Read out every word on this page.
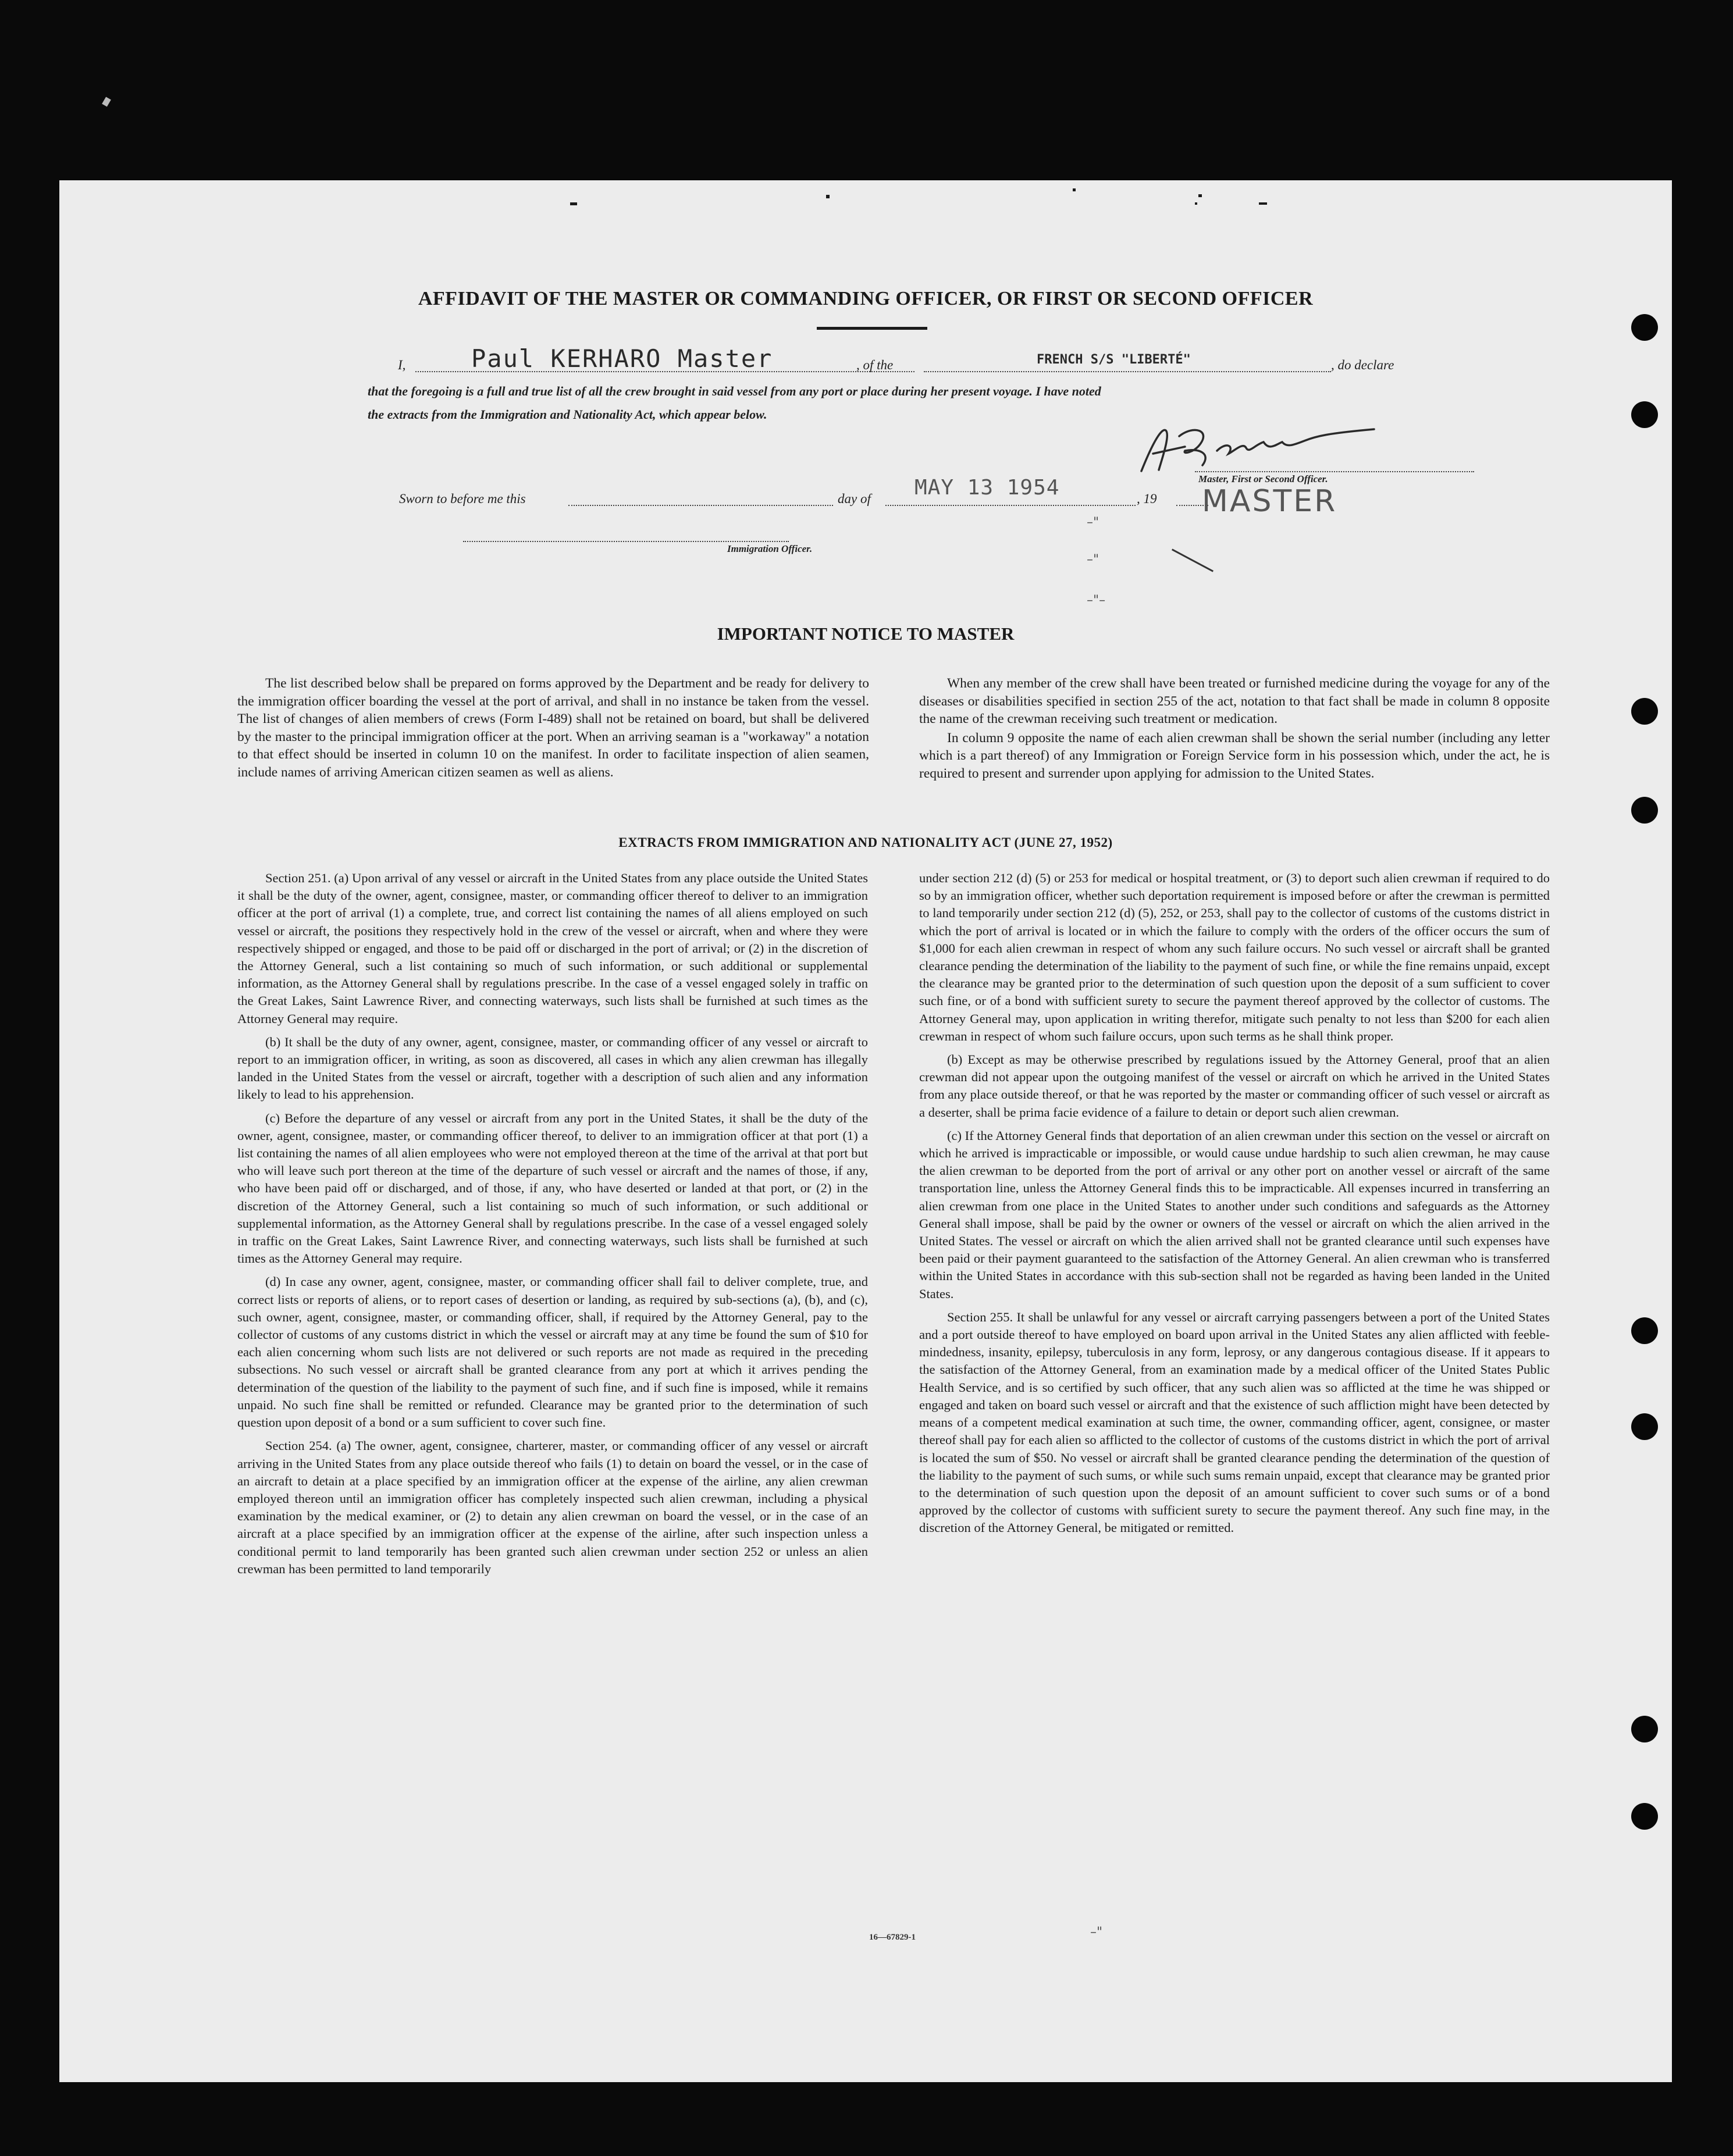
AFFIDAVIT OF THE MASTER OR COMMANDING OFFICER, OR FIRST OR SECOND OFFICER
I,	Paul KERHARO Master	, of the	FRENCH S/S "LIBERTÉ"	, do declare
that the foregoing is a full and true list of all the crew brought in said vessel from any port or place during her present voyage. I have noted
the extracts from the Immigration and Nationality Act, which appear below.
Master, First or Second Officer.
Sworn to before me this	day of MAY 13 1954	, 19 MASTER
Immigration Officer.
–"
–"
–"–
IMPORTANT NOTICE TO MASTER

The list described below shall be prepared on forms approved by the Department and be ready for delivery to the immigration officer boarding the vessel at the port of arrival, and shall in no instance be taken from the vessel. The list of changes of alien members of crews (Form I-489) shall not be retained on board, but shall be delivered by the master to the principal immigration officer at the port. When an arriving seaman is a "workaway" a notation to that effect should be inserted in column 10 on the manifest. In order to facilitate inspection of alien seamen, include names of arriving American citizen seamen as well as aliens.

When any member of the crew shall have been treated or furnished medicine during the voyage for any of the diseases or disabilities specified in section 255 of the act, notation to that fact shall be made in column 8 opposite the name of the crewman receiving such treatment or medication.

In column 9 opposite the name of each alien crewman shall be shown the serial number (including any letter which is a part thereof) of any Immigration or Foreign Service form in his possession which, under the act, he is required to present and surrender upon applying for admission to the United States.

EXTRACTS FROM IMMIGRATION AND NATIONALITY ACT (JUNE 27, 1952)

Section 251. (a) Upon arrival of any vessel or aircraft in the United States from any place outside the United States it shall be the duty of the owner, agent, consignee, master, or commanding officer thereof to deliver to an immigration officer at the port of arrival (1) a complete, true, and correct list containing the names of all aliens employed on such vessel or aircraft, the positions they respectively hold in the crew of the vessel or aircraft, when and where they were respectively shipped or engaged, and those to be paid off or discharged in the port of arrival; or (2) in the discretion of the Attorney General, such a list containing so much of such information, or such additional or supplemental information, as the Attorney General shall by regulations prescribe. In the case of a vessel engaged solely in traffic on the Great Lakes, Saint Lawrence River, and connecting waterways, such lists shall be furnished at such times as the Attorney General may require.

(b) It shall be the duty of any owner, agent, consignee, master, or commanding officer of any vessel or aircraft to report to an immigration officer, in writing, as soon as discovered, all cases in which any alien crewman has illegally landed in the United States from the vessel or aircraft, together with a description of such alien and any information likely to lead to his apprehension.

(c) Before the departure of any vessel or aircraft from any port in the United States, it shall be the duty of the owner, agent, consignee, master, or commanding officer thereof, to deliver to an immigration officer at that port (1) a list containing the names of all alien employees who were not employed thereon at the time of the arrival at that port but who will leave such port thereon at the time of the departure of such vessel or aircraft and the names of those, if any, who have been paid off or discharged, and of those, if any, who have deserted or landed at that port, or (2) in the discretion of the Attorney General, such a list containing so much of such information, or such additional or supplemental information, as the Attorney General shall by regulations prescribe. In the case of a vessel engaged solely in traffic on the Great Lakes, Saint Lawrence River, and connecting waterways, such lists shall be furnished at such times as the Attorney General may require.

(d) In case any owner, agent, consignee, master, or commanding officer shall fail to deliver complete, true, and correct lists or reports of aliens, or to report cases of desertion or landing, as required by sub-sections (a), (b), and (c), such owner, agent, consignee, master, or commanding officer, shall, if required by the Attorney General, pay to the collector of customs of any customs district in which the vessel or aircraft may at any time be found the sum of $10 for each alien concerning whom such lists are not delivered or such reports are not made as required in the preceding subsections. No such vessel or aircraft shall be granted clearance from any port at which it arrives pending the determination of the question of the liability to the payment of such fine, and if such fine is imposed, while it remains unpaid. No such fine shall be remitted or refunded. Clearance may be granted prior to the determination of such question upon deposit of a bond or a sum sufficient to cover such fine.

Section 254. (a) The owner, agent, consignee, charterer, master, or commanding officer of any vessel or aircraft arriving in the United States from any place outside thereof who fails (1) to detain on board the vessel, or in the case of an aircraft to detain at a place specified by an immigration officer at the expense of the airline, any alien crewman employed thereon until an immigration officer has completely inspected such alien crewman, including a physical examination by the medical examiner, or (2) to detain any alien crewman on board the vessel, or in the case of an aircraft at a place specified by an immigration officer at the expense of the airline, after such inspection unless a conditional permit to land temporarily has been granted such alien crewman under section 252 or unless an alien crewman has been permitted to land temporarily

under section 212 (d) (5) or 253 for medical or hospital treatment, or (3) to deport such alien crewman if required to do so by an immigration officer, whether such deportation requirement is imposed before or after the crewman is permitted to land temporarily under section 212 (d) (5), 252, or 253, shall pay to the collector of customs of the customs district in which the port of arrival is located or in which the failure to comply with the orders of the officer occurs the sum of $1,000 for each alien crewman in respect of whom any such failure occurs. No such vessel or aircraft shall be granted clearance pending the determination of the liability to the payment of such fine, or while the fine remains unpaid, except the clearance may be granted prior to the determination of such question upon the deposit of a sum sufficient to cover such fine, or of a bond with sufficient surety to secure the payment thereof approved by the collector of customs. The Attorney General may, upon application in writing therefor, mitigate such penalty to not less than $200 for each alien crewman in respect of whom such failure occurs, upon such terms as he shall think proper.

(b) Except as may be otherwise prescribed by regulations issued by the Attorney General, proof that an alien crewman did not appear upon the outgoing manifest of the vessel or aircraft on which he arrived in the United States from any place outside thereof, or that he was reported by the master or commanding officer of such vessel or aircraft as a deserter, shall be prima facie evidence of a failure to detain or deport such alien crewman.

(c) If the Attorney General finds that deportation of an alien crewman under this section on the vessel or aircraft on which he arrived is impracticable or impossible, or would cause undue hardship to such alien crewman, he may cause the alien crewman to be deported from the port of arrival or any other port on another vessel or aircraft of the same transportation line, unless the Attorney General finds this to be impracticable. All expenses incurred in transferring an alien crewman from one place in the United States to another under such conditions and safeguards as the Attorney General shall impose, shall be paid by the owner or owners of the vessel or aircraft on which the alien arrived in the United States. The vessel or aircraft on which the alien arrived shall not be granted clearance until such expenses have been paid or their payment guaranteed to the satisfaction of the Attorney General. An alien crewman who is transferred within the United States in accordance with this sub-section shall not be regarded as having been landed in the United States.

Section 255. It shall be unlawful for any vessel or aircraft carrying passengers between a port of the United States and a port outside thereof to have employed on board upon arrival in the United States any alien afflicted with feeble-mindedness, insanity, epilepsy, tuberculosis in any form, leprosy, or any dangerous contagious disease. If it appears to the satisfaction of the Attorney General, from an examination made by a medical officer of the United States Public Health Service, and is so certified by such officer, that any such alien was so afflicted at the time he was shipped or engaged and taken on board such vessel or aircraft and that the existence of such affliction might have been detected by means of a competent medical examination at such time, the owner, commanding officer, agent, consignee, or master thereof shall pay for each alien so afflicted to the collector of customs of the customs district in which the port of arrival is located the sum of $50. No vessel or aircraft shall be granted clearance pending the determination of the question of the liability to the payment of such sums, or while such sums remain unpaid, except that clearance may be granted prior to the determination of such question upon the deposit of an amount sufficient to cover such sums or of a bond approved by the collector of customs with sufficient surety to secure the payment thereof. Any such fine may, in the discretion of the Attorney General, be mitigated or remitted.

16—67829-1	–"
